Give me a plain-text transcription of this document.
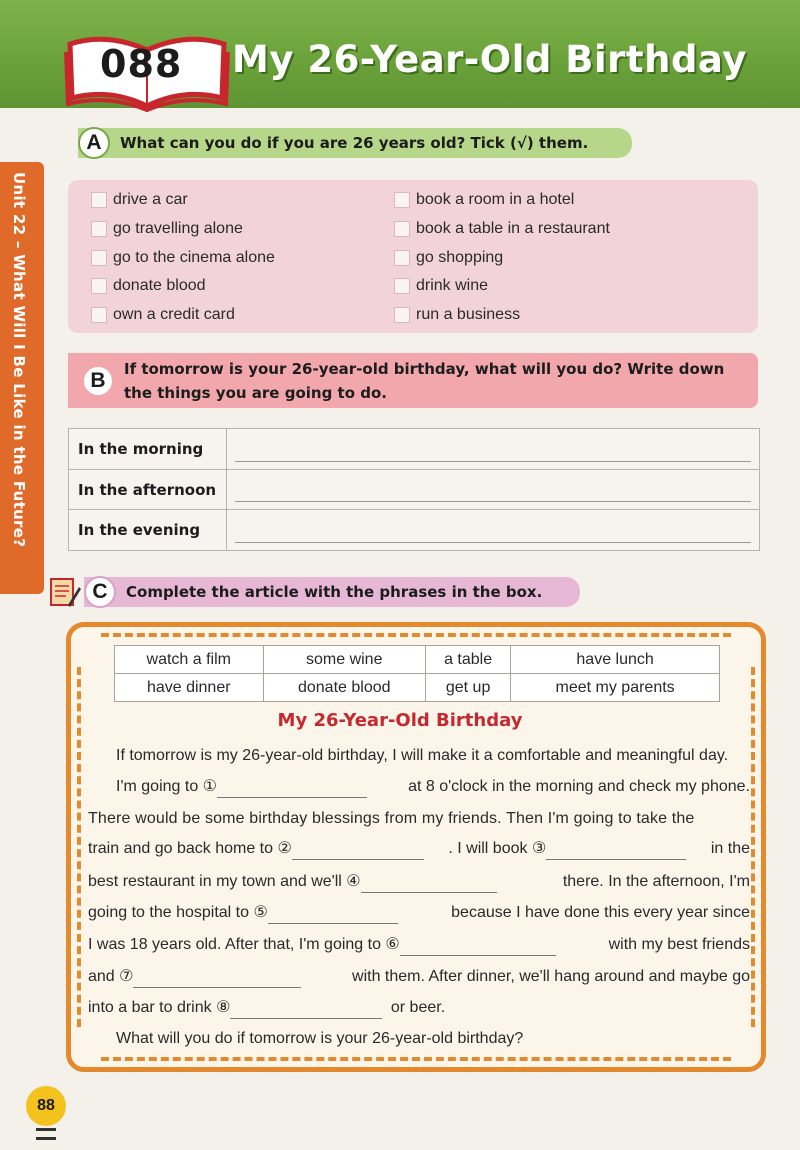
088 My 26-Year-Old Birthday
Unit 22 – What Will I Be Like in the Future?
A	What can you do if you are 26 years old? Tick (√) them.
drive a car
go travelling alone
go to the cinema alone
donate blood
own a credit card
book a room in a hotel
book a table in a restaurant
go shopping
drink wine
run a business
B	If tomorrow is your 26-year-old birthday, what will you do? Write down
the things you are going to do.
In the morning	
In the afternoon	
In the evening	
C	Complete the article with the phrases in the box.
watch a film	some wine	a table	have lunch
have dinner	donate blood	get up	meet my parents
My 26-Year-Old Birthday
If tomorrow is my 26-year-old birthday, I will make it a comfortable and meaningful day.
I'm going to ①	at 8 o'clock in the morning and check my phone.
There would be some birthday blessings from my friends. Then I'm going to take the
train and go back home to ②	. I will book ③	in the
best restaurant in my town and we'll ④	there. In the afternoon, I'm
going to the hospital to ⑤	because I have done this every year since
I was 18 years old. After that, I'm going to ⑥	with my best friends
and ⑦	with them. After dinner, we'll hang around and maybe go
into a bar to drink ⑧	or beer.
What will you do if tomorrow is your 26-year-old birthday?
88
